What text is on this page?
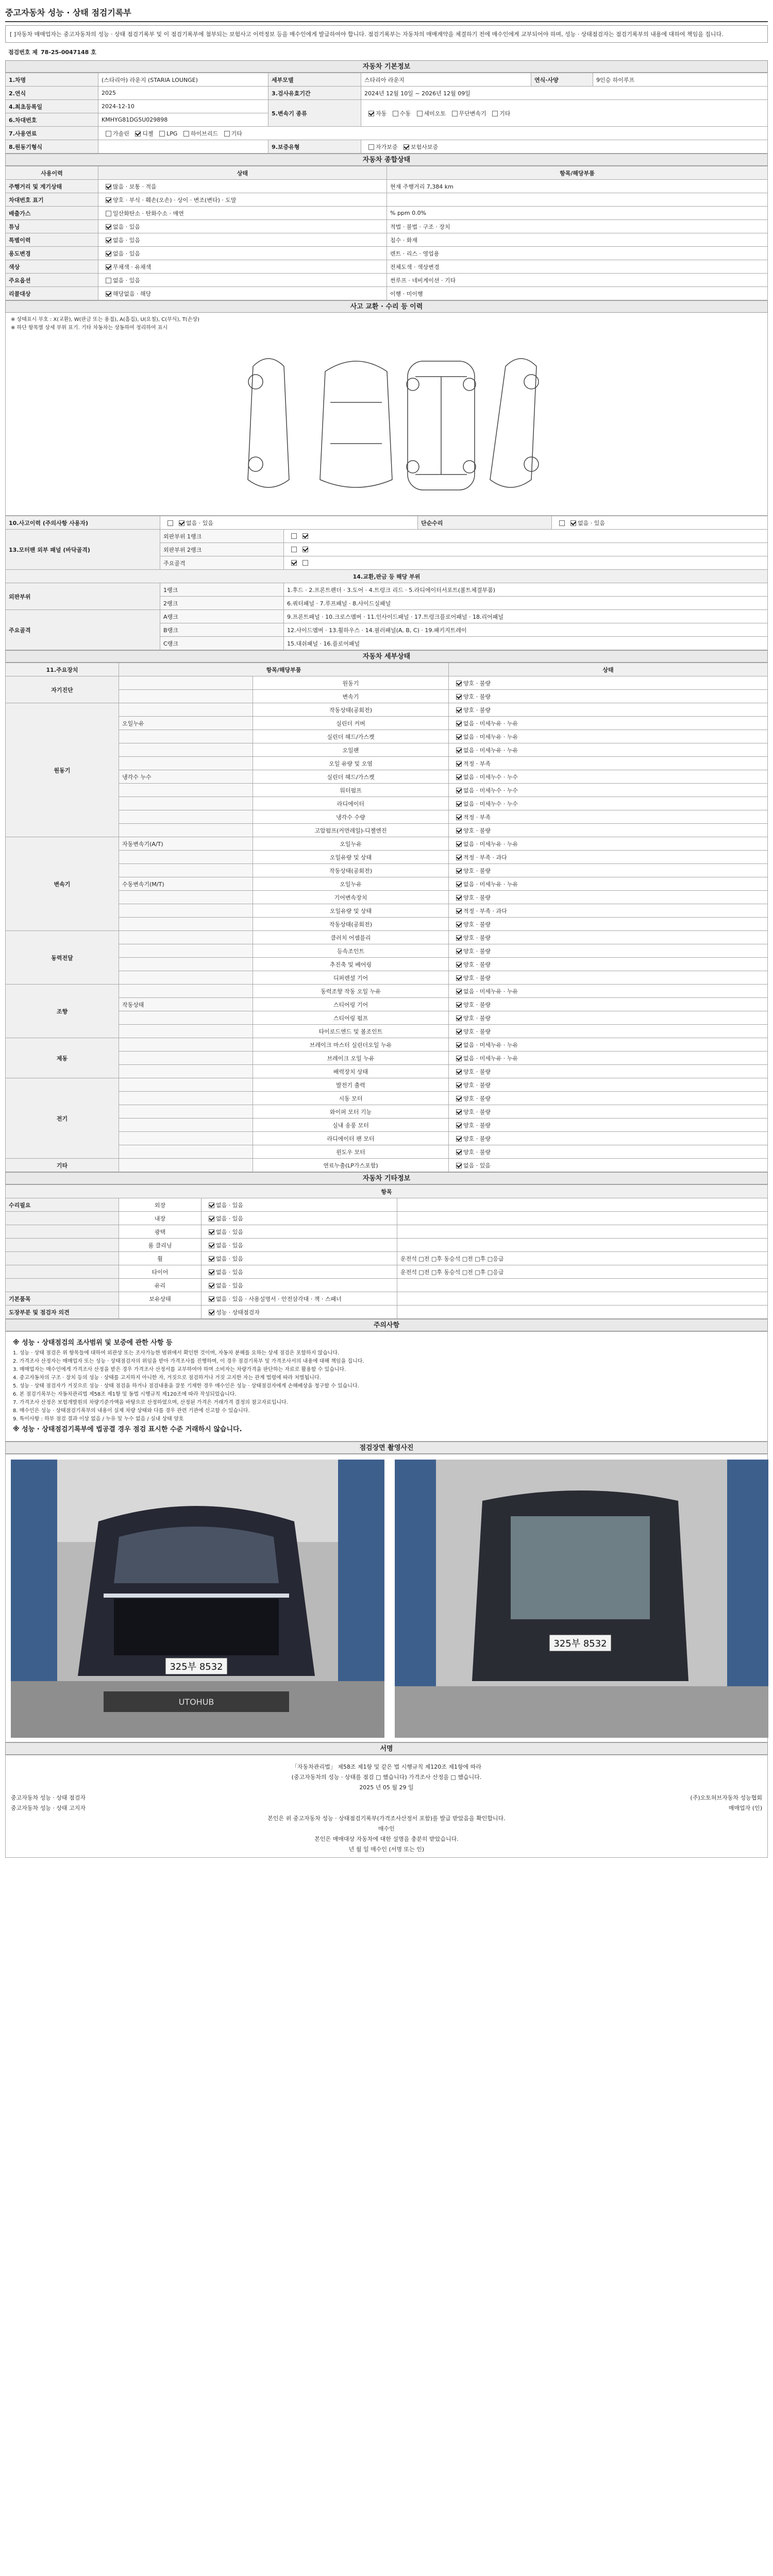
중고자동차 성능 · 상태 점검기록부
[ ]자동차 매매업자는 중고자동차의 성능 · 상태 점검기록부 및 이 점검기록부에 첨부되는 보험사고 이력정보 등을 매수인에게 발급하여야 합니다. 점검기록부는 자동차의 매매계약을 체결하기 전에 매수인에게 교부되어야 하며, 성능 · 상태점검자는 점검기록부의 내용에 대하여 책임을 집니다.
점검번호 제 78-25-0047148 호
자동차 기본정보
1.차명	(스타리아) 라운지 (STARIA LOUNGE)	세부모델	스타리아 라운지	연식·사양	9인승 하이루프
2.연식	2025	3.검사유효기간	2024년 12월 10일 ~ 2026년 12월 09일		
4.최초등록일	2024-12-10	5.변속기 종류	자동 수동 세미오토 무단변속기 기타		
6.차대번호	KMHYG81DG5U029898				
7.사용연료	가솔린 디젤 LPG 하이브리드 기타				
8.원동기형식		9.보증유형	자가보증 보험사보증		
자동차 종합상태
사용이력	상태	항목/해당부품
주행거리 및 계기상태	많음 · 보통 · 적음	현재 주행거리 7,384 km
차대번호 표기	양호 · 부식 · 훼손(오손) · 상이 · 변조(변타) · 도말	
배출가스	일산화탄소 · 탄화수소 · 매연	% ppm 0.0%
튜닝	없음 · 있음	적법 · 불법 · 구조 · 장치
특별이력	없음 · 있음	침수 · 화재
용도변경	없음 · 있음	렌트 · 리스 · 영업용
색상	무채색 · 유채색	전체도색 · 색상변경
주요옵션	없음 · 있음	썬루프 · 네비게이션 · 기타
리콜대상	해당없음 · 해당	이행 · 미이행
사고 교환 · 수리 등 이력
※ 상태표시 부호 : X(교환), W(판금 또는 용접), A(흠집), U(요철), C(부식), T(손상)
※ 하단 항목별 상세 부위 표기. 기타 차동차는 상동하여 정리하여 표시
10.사고이력 (주의사항 사용자)	없음 · 있음		단순수리	없음 · 있음
13.모터팬 외부 패널 (바닥골격)	외판부위 1랭크			
	외판부위 2랭크			
	주요골격			
14.교환,판금 등 해당 부위				
외판부위	1랭크	1.후드 · 2.프론트펜더 · 3.도어 · 4.트렁크 리드 · 5.라디에이터서포트(볼트체결부품)		
	2랭크	6.쿼터패널 · 7.루프패널 · 8.사이드실패널		
주요골격	A랭크	9.프론트패널 · 10.크로스멤버 · 11.인사이드패널 · 17.트렁크플로어패널 · 18.리어패널		
	B랭크	12.사이드멤버 · 13.휠하우스 · 14.필러패널(A, B, C) · 19.패키지트레이		
	C랭크	15.대쉬패널 · 16.플로어패널		
자동차 세부상태
11.주요장치	항목/해당부품		상태
자기진단		원동기	양호 · 불량
		변속기	양호 · 불량
원동기		작동상태(공회전)	양호 · 불량
	오일누유	실린더 커버	없음 · 미세누유 · 누유
		실린더 헤드/가스켓	없음 · 미세누유 · 누유
		오일팬	없음 · 미세누유 · 누유
		오일 유량 및 오염	적정 · 부족
	냉각수 누수	실린더 헤드/가스켓	없음 · 미세누수 · 누수
		워터펌프	없음 · 미세누수 · 누수
		라디에이터	없음 · 미세누수 · 누수
		냉각수 수량	적정 · 부족
		고압펌프(커먼레일)-디젤엔진	양호 · 불량
변속기	자동변속기(A/T)	오일누유	없음 · 미세누유 · 누유
		오일유량 및 상태	적정 · 부족 · 과다
		작동상태(공회전)	양호 · 불량
	수동변속기(M/T)	오일누유	없음 · 미세누유 · 누유
		기어변속장치	양호 · 불량
		오일유량 및 상태	적정 · 부족 · 과다
		작동상태(공회전)	양호 · 불량
동력전달		클러치 어셈블리	양호 · 불량
		등속조인트	양호 · 불량
		추진축 및 베어링	양호 · 불량
		디퍼렌셜 기어	양호 · 불량
조향		동력조향 작동 오일 누유	없음 · 미세누유 · 누유
	작동상태	스티어링 기어	양호 · 불량
		스티어링 펌프	양호 · 불량
		타이로드엔드 및 볼조인트	양호 · 불량
제동		브레이크 마스터 실린더오일 누유	없음 · 미세누유 · 누유
		브레이크 오일 누유	없음 · 미세누유 · 누유
		배력장치 상태	양호 · 불량
전기		발전기 출력	양호 · 불량
		시동 모터	양호 · 불량
		와이퍼 모터 기능	양호 · 불량
		실내 송풍 모터	양호 · 불량
		라디에이터 팬 모터	양호 · 불량
		윈도우 모터	양호 · 불량
기타		연료누출(LP가스포함)	없음 · 있음
자동차 기타정보
항목			
수리필요	외장	없음 · 있음	
	내장	없음 · 있음	
	광택	없음 · 있음	
	룸 클리닝	없음 · 있음	
	휠	없음 · 있음	운전석 □전 □후 동승석 □전 □후 □응급
	타이어	없음 · 있음	운전석 □전 □후 동승석 □전 □후 □응급
	유리	없음 · 있음	
기본품목	보유상태	없음 · 있음 · 사용설명서 · 안전삼각대 · 잭 · 스패너	
도장부분 및 점검자 의견		성능 · 상태점검자	
주의사항
※ 성능 · 상태점검의 조사범위 및 보증에 관한 사항 등
1. 성능 · 상태 점검은 위 항목들에 대하여 외관상 또는 조사가능한 범위에서 확인한 것이며, 자동차 분해를 요하는 상세 점검은 포함하지 않습니다.
2. 가격조사 산정자는 매매업자 또는 성능 · 상태점검자의 위임을 받아 가격조사를 진행하며, 이 경우 점검기록부 및 가격조사서의 내용에 대해 책임을 집니다.
3. 매매업자는 매수인에게 가격조사 산정을 받은 경우 가격조사 산정서를 교부하여야 하며 소비자는 차량가격을 판단하는 자료로 활용할 수 있습니다.
4. 중고자동차의 구조 · 장치 등의 성능 · 상태를 고지하지 아니한 자, 거짓으로 점검하거나 거짓 고지한 자는 관계 법령에 따라 처벌됩니다.
5. 성능 · 상태 점검자가 거짓으로 성능 · 상태 점검을 하거나 점검내용을 잘못 기재한 경우 매수인은 성능 · 상태점검자에게 손해배상을 청구할 수 있습니다.
6. 본 점검기록부는 자동차관리법 제58조 제1항 및 동법 시행규칙 제120조에 따라 작성되었습니다.
7. 가격조사 산정은 보험개발원의 차량기준가액을 바탕으로 산정하였으며, 산정된 가격은 거래가격 결정의 참고자료입니다.
8. 매수인은 성능 · 상태점검기록부의 내용이 실제 차량 상태와 다를 경우 관련 기관에 신고할 수 있습니다.
9. 특이사항 : 하부 점검 결과 이상 없음 / 누유 및 누수 없음 / 실내 상태 양호
※ 성능 · 상태점검기록부에 법공결 경우 점검 표시한 수준 거래하시 않습니다.
점검장면 촬영사진
325부 8532
UTOHUB
325부 8532
서명

「자동차관리법」 제58조 제1항 및 같은 법 시행규칙 제120조 제1항에 따라

(중고자동차의 성능 · 상태를 점검 □ 했습니다) 가격조사 산정을 □ 했습니다.

2025 년 05 월 29 일

중고자동차 성능 · 상태 점검자	(주)오토허브자동차 성능협회

중고자동차 성능 · 상태 고지자	매매업자 (인)

본인은 위 중고자동차 성능 · 상태점검기록부(가격조사산정서 포함)를 발급 받았음을 확인합니다.

매수인

본인은 매매대상 자동차에 대한 설명을 충분히 받았습니다.

년 월 일 매수인 (서명 또는 인)
